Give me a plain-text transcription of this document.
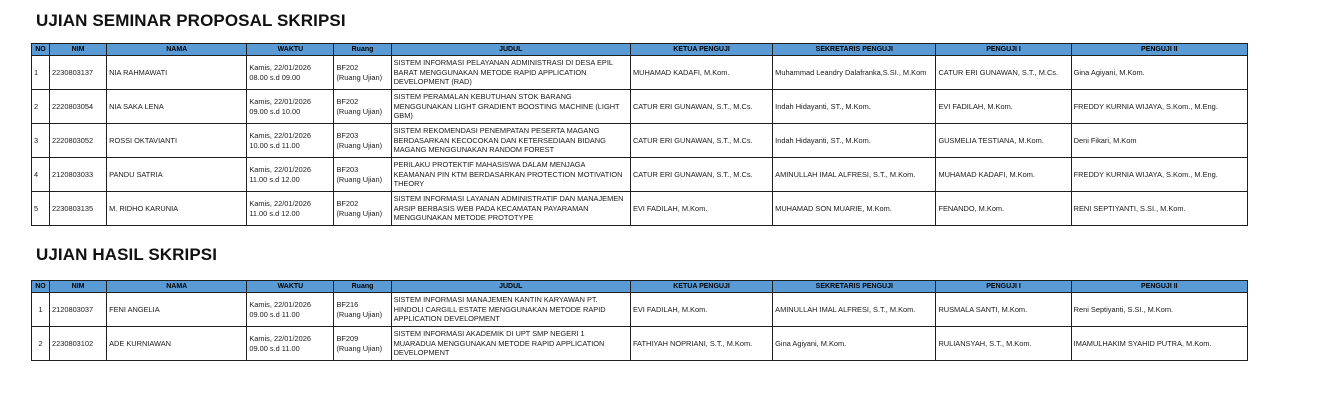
UJIAN SEMINAR PROPOSAL SKRIPSI
NO	NIM	NAMA	WAKTU	Ruang	JUDUL	KETUA PENGUJI	SEKRETARIS PENGUJI	PENGUJI I	PENGUJI II
1	2230803137	NIA RAHMAWATI	Kamis, 22/01/2026
08.00 s.d 09.00	BF202
(Ruang Ujian)	SISTEM INFORMASI PELAYANAN ADMINISTRASI DI DESA EPIL BARAT MENGGUNAKAN METODE RAPID APPLICATION DEVELOPMENT (RAD)	MUHAMAD KADAFI, M.Kom.	Muhammad Leandry Dalafranka,S.SI., M.Kom	CATUR ERI GUNAWAN, S.T., M.Cs.	Gina Agiyani, M.Kom.
2	2220803054	NIA SAKA LENA	Kamis, 22/01/2026
09.00 s.d 10.00	BF202
(Ruang Ujian)	SISTEM PERAMALAN KEBUTUHAN STOK BARANG MENGGUNAKAN LIGHT GRADIENT BOOSTING MACHINE (LIGHT GBM)	CATUR ERI GUNAWAN, S.T., M.Cs.	Indah Hidayanti, ST., M.Kom.	EVI FADILAH, M.Kom.	FREDDY KURNIA WIJAYA, S.Kom., M.Eng.
3	2220803052	ROSSI OKTAVIANTI	Kamis, 22/01/2026
10.00 s.d 11.00	BF203
(Ruang Ujian)	SISTEM REKOMENDASI PENEMPATAN PESERTA MAGANG BERDASARKAN KECOCOKAN DAN KETERSEDIAAN BIDANG MAGANG MENGGUNAKAN RANDOM FOREST	CATUR ERI GUNAWAN, S.T., M.Cs.	Indah Hidayanti, ST., M.Kom.	GUSMELIA TESTIANA, M.Kom.	Deni Fikari, M.Kom
4	2120803033	PANDU SATRIA	Kamis, 22/01/2026
11.00 s.d 12.00	BF203
(Ruang Ujian)	PERILAKU PROTEKTIF MAHASISWA DALAM MENJAGA KEAMANAN PIN KTM BERDASARKAN PROTECTION MOTIVATION THEORY	CATUR ERI GUNAWAN, S.T., M.Cs.	AMINULLAH IMAL ALFRESI, S.T., M.Kom.	MUHAMAD KADAFI, M.Kom.	FREDDY KURNIA WIJAYA, S.Kom., M.Eng.
5	2230803135	M. RIDHO KARUNIA	Kamis, 22/01/2026
11.00 s.d 12.00	BF202
(Ruang Ujian)	SISTEM INFORMASI LAYANAN ADMINISTRATIF DAN MANAJEMEN ARSIP BERBASIS WEB PADA KECAMATAN PAYARAMAN MENGGUNAKAN METODE PROTOTYPE	EVI FADILAH, M.Kom.	MUHAMAD SON MUARIE, M.Kom.	FENANDO, M.Kom.	RENI SEPTIYANTI, S.SI., M.Kom.
UJIAN HASIL SKRIPSI
NO	NIM	NAMA	WAKTU	Ruang	JUDUL	KETUA PENGUJI	SEKRETARIS PENGUJI	PENGUJI I	PENGUJI II
1	2120803037	FENI ANGELIA	Kamis, 22/01/2026
09.00 s.d 11.00	BF216
(Ruang Ujian)	SISTEM INFORMASI MANAJEMEN KANTIN KARYAWAN PT. HINDOLI CARGILL ESTATE MENGGUNAKAN METODE RAPID APPLICATION DEVELOPMENT	EVI FADILAH, M.Kom.	AMINULLAH IMAL ALFRESI, S.T., M.Kom.	RUSMALA SANTI, M.Kom.	Reni Septiyanti, S.SI., M.Kom.
2	2230803102	ADE KURNIAWAN	Kamis, 22/01/2026
09.00 s.d 11.00	BF209
(Ruang Ujian)	SISTEM INFORMASI AKADEMIK DI UPT SMP NEGERI 1 MUARADUA MENGGUNAKAN METODE RAPID APPLICATION DEVELOPMENT	FATHIYAH NOPRIANI, S.T., M.Kom.	Gina Agiyani, M.Kom.	RULIANSYAH, S.T., M.Kom.	IMAMULHAKIM SYAHID PUTRA, M.Kom.
